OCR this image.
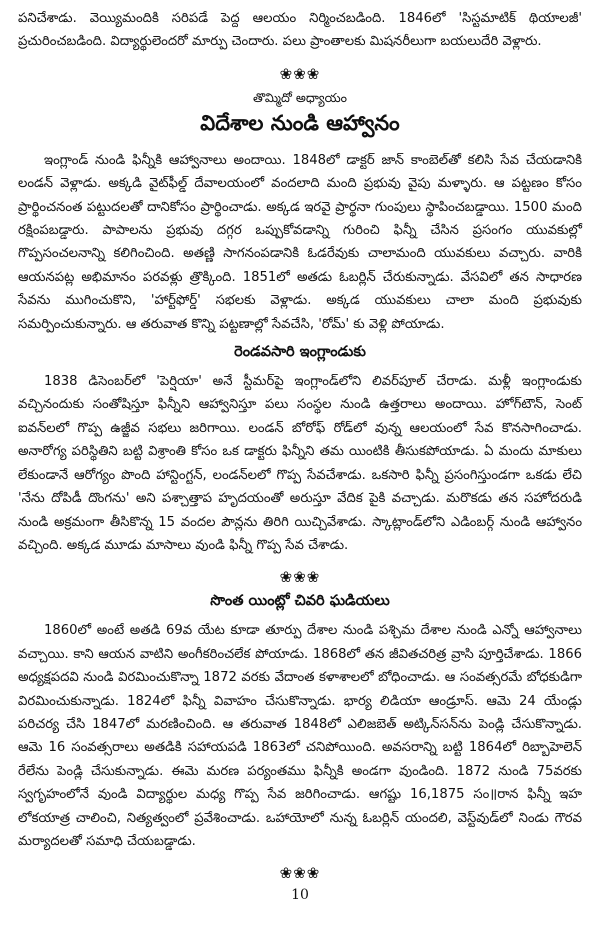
పనిచేశాడు. వెయ్యిమందికి సరిపడే పెద్ద ఆలయం నిర్మించబడింది. 1846లో 'సిస్టమాటిక్ థియాలజీ' ప్రచురించబడింది. విద్యార్థులెందరో మార్పు చెందారు. పలు ప్రాంతాలకు మిషనరీలుగా బయలుదేరి వెళ్లారు.

❀❀❀
తొమ్మిదో అధ్యాయం
విదేశాల నుండి ఆహ్వానం

ఇంగ్లాండ్ నుండి ఫిన్నీకి ఆహ్వానాలు అందాయి. 1848లో డాక్టర్ జాన్ కాంబెల్‌తో కలిసి సేవ చేయడానికి లండన్ వెళ్లాడు. అక్కడి వైట్‌ఫీల్డ్ దేవాలయంలో వందలాది మంది ప్రభువు వైపు మళ్ళారు. ఆ పట్టణం కోసం ప్రార్థించనంత పట్టుదలతో దానికోసం ప్రార్థించాడు. అక్కడ ఇరవై ప్రార్థనా గుంపులు స్థాపించబడ్డాయి. 1500 మంది రక్షింపబడ్డారు. పాపాలను ప్రభువు దగ్గర ఒప్పుకోవడాన్ని గురించి ఫిన్నీ చేసిన ప్రసంగం యువకుల్లో గొప్పసంచలనాన్ని కలిగించింది. అతణ్ణి సాగనంపడానికి ఓడరేవుకు చాలామంది యువకులు వచ్చారు. వారికి ఆయనపట్ల అభిమానం పరవళ్లు త్రొక్కింది. 1851లో అతడు ఓబర్లిన్ చేరుకున్నాడు. వేసవిలో తన సాధారణ సేవను ముగించుకొని, 'హార్ట్‌ఫోర్డ్' సభలకు వెళ్లాడు. అక్కడ యువకులు చాలా మంది ప్రభువుకు సమర్పించుకున్నారు. ఆ తరువాత కొన్ని పట్టణాల్లో సేవచేసి, 'రోమ్' కు వెళ్లి పోయాడు.

రెండవసారి ఇంగ్లాండుకు

1838 డిసెంబర్‌లో 'పెర్షియా' అనే స్టీమర్‌పై ఇంగ్లాండ్‌లోని లివర్‌పూల్ చేరాడు. మళ్లీ ఇంగ్లాండుకు వచ్చినందుకు సంతోషిస్తూ ఫిన్నీని ఆహ్వానిస్తూ పలు సంస్థల నుండి ఉత్తరాలు అందాయి. హోగ్‌టౌన్, సెంట్ ఐవన్‌లలో గొప్ప ఉజ్జీవ సభలు జరిగాయి. లండన్ బోరోఫ్ రోడ్‌లో వున్న ఆలయంలో సేవ కొనసాగించాడు. అనారోగ్య పరిస్థితిని బట్టి విశ్రాంతి కోసం ఒక డాక్టరు ఫిన్నీని తమ యింటికి తీసుకపోయాడు. ఏ మందు మాకులు లేకుండానే ఆరోగ్యం పొంది హాన్టింగ్టన్, లండన్‌లలో గొప్ప సేవచేశాడు. ఒకసారి ఫిన్నీ ప్రసంగిస్తుండగా ఒకడు లేచి 'నేను దోపిడీ దొంగను' అని పశ్చాత్తాప హృదయంతో అరుస్తూ వేదిక పైకి వచ్చాడు. మరొకడు తన సహోదరుడి నుండి అక్రమంగా తీసికొన్న 15 వందల పౌన్లను తిరిగి యిచ్చివేశాడు. స్కాట్లాండ్‌లోని ఎడింబర్గ్ నుండి ఆహ్వానం వచ్చింది. అక్కడ మూడు మాసాలు వుండి ఫిన్నీ గొప్ప సేవ చేశాడు.

❀❀❀
సొంత యింట్లో చివరి ఘడియలు

1860లో అంటే అతడి 69వ యేట కూడా తూర్పు దేశాల నుండి పశ్చిమ దేశాల నుండి ఎన్నో ఆహ్వానాలు వచ్చాయి. కాని ఆయన వాటిని అంగీకరించలేక పోయాడు. 1868లో తన జీవితచరిత్ర వ్రాసి పూర్తిచేశాడు. 1866 అధ్యక్షపదవి నుండి విరమించుకొన్నా 1872 వరకు వేదాంత కళాశాలలో బోధించాడు. ఆ సంవత్సరమే బోధకుడిగా విరమించుకున్నాడు. 1824లో ఫిన్నీ వివాహం చేసుకొన్నాడు. భార్య లిడియా ఆండ్రూస్. ఆమె 24 యేండ్లు పరిచర్య చేసి 1847లో మరణించింది. ఆ తరువాత 1848లో ఎలిజబెత్ అట్కిన్‌సన్‌ను పెండ్లి చేసుకొన్నాడు. ఆమె 16 సంవత్సరాలు అతడికి సహాయపడి 1863లో చనిపోయింది. అవసరాన్ని బట్టి 1864లో రిబ్బాహెలెన్ రేలేను పెండ్లి చేసుకున్నాడు. ఈమె మరణ పర్యంతము ఫిన్నీకి అండగా వుండింది. 1872 నుండి 75వరకు స్వగృహంలోనే వుండి విద్యార్థుల మధ్య గొప్ప సేవ జరిగించాడు. ఆగష్టు 16,1875 సం॥రాన ఫిన్నీ ఇహ లోకయాత్ర చాలించి, నిత్యత్వంలో ప్రవేశించాడు. ఒహాయోలో నున్న ఓబర్లిన్ యందలి, వెస్ట్‌వుడ్‌లో నిండు గౌరవ మర్యాదలతో సమాధి చేయబడ్డాడు.

❀❀❀
10
